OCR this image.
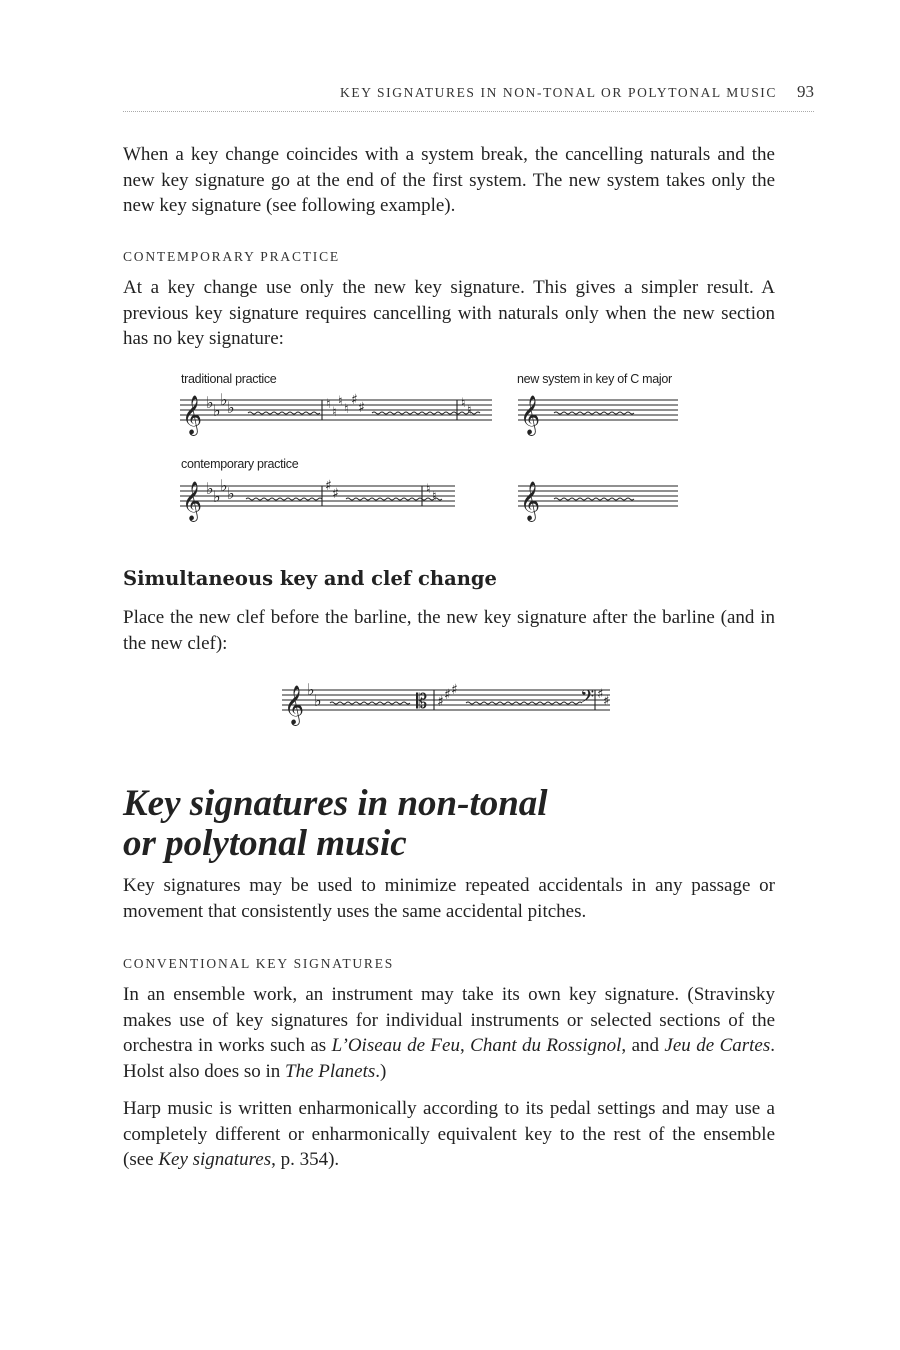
KEY SIGNATURES IN NON-TONAL OR POLYTONAL MUSIC 93

When a key change coincides with a system break, the cancelling naturals and the new key signature go at the end of the first system. The new system takes only the new key signature (see following example).

CONTEMPORARY PRACTICE

At a key change use only the new key signature. This gives a simpler result. A previous key signature requires cancelling with naturals only when the new section has no key signature:

traditional practice	new system in key of C major

contemporary practice

𝄞 ♭ ♭
♭ ♭	♮
♮
♮
♮
♯ ♯	♮ ♮ 𝄞
𝄞 ♭ ♭
♭ ♭	♯ ♯	♮ ♮ 𝄞
Simultaneous key and clef change

Place the new clef before the barline, the new key signature after the barline (and in the new clef):

𝄞 ♭
♭	𝄡 ♯ ♯ ♯	𝄢 ♯ ♯
Key signatures in non-tonal
or polytonal music

Key signatures may be used to minimize repeated accidentals in any passage or movement that consistently uses the same accidental pitches.

CONVENTIONAL KEY SIGNATURES

In an ensemble work, an instrument may take its own key signature. (Stravinsky makes use of key signatures for individual instruments or selected sections of the orchestra in works such as L’Oiseau de Feu, Chant du Rossignol, and Jeu de Cartes. Holst also does so in The Planets.)

Harp music is written enharmonically according to its pedal settings and may use a completely different or enharmonically equivalent key to the rest of the ensemble (see Key signatures, p. 354).
